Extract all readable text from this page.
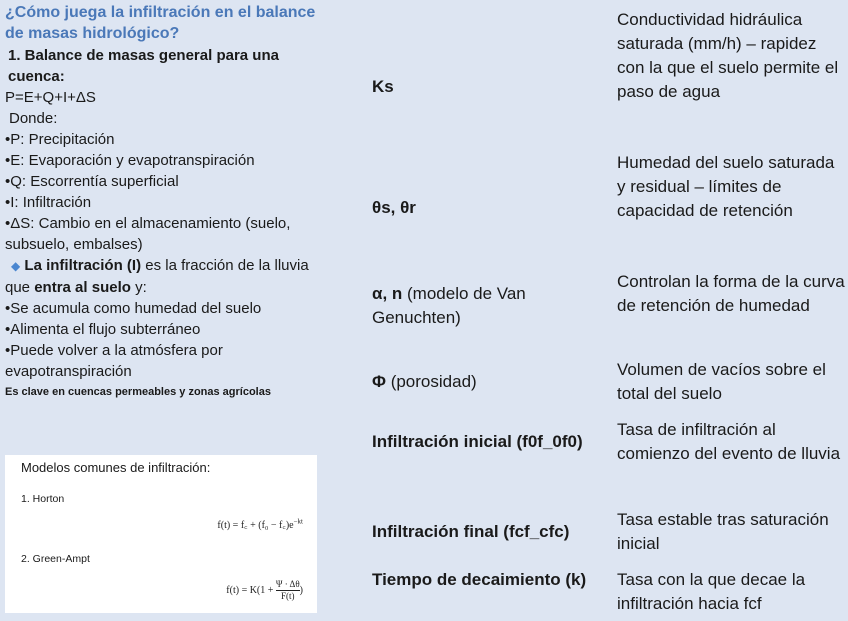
¿Cómo juega la infiltración en el balance de masas hidrológico?
1. Balance de masas general para una cuenca:
P=E+Q+I+ΔS
Donde:
•P: Precipitación
•E: Evaporación y evapotranspiración
•Q: Escorrentía superficial
•I: Infiltración
•ΔS: Cambio en el almacenamiento (suelo, subsuelo, embalses)
◆ La infiltración (I) es la fracción de la lluvia que entra al suelo y:
•Se acumula como humedad del suelo
•Alimenta el flujo subterráneo
•Puede volver a la atmósfera por evapotranspiración
Es clave en cuencas permeables y zonas agrícolas
Modelos comunes de infiltración:
1. Horton
f(t) = f꜀ + $(f_0 - f꜀)e^{-kt}$
2. Green-Ampt
$f(t) = K(1 + \frac{\Psi \cdot \Delta\theta}{F(t)}$ )
Ks
Conductividad hidráulica saturada (mm/h) – rapidez con la que el suelo permite el paso de agua
θs, θr
Humedad del suelo saturada y residual – límites de capacidad de retención
α, n (modelo de Van Genuchten)
Controlan la forma de la curva de retención de humedad
Φ (porosidad)
Volumen de vacíos sobre el total del suelo
Infiltración inicial (f0f_0f0)
Tasa de infiltración al comienzo del evento de lluvia
Infiltración final (fcf_cfc)
Tasa estable tras saturación inicial
Tiempo de decaimiento (k)	Tasa con la que decae la infiltración hacia fcf
